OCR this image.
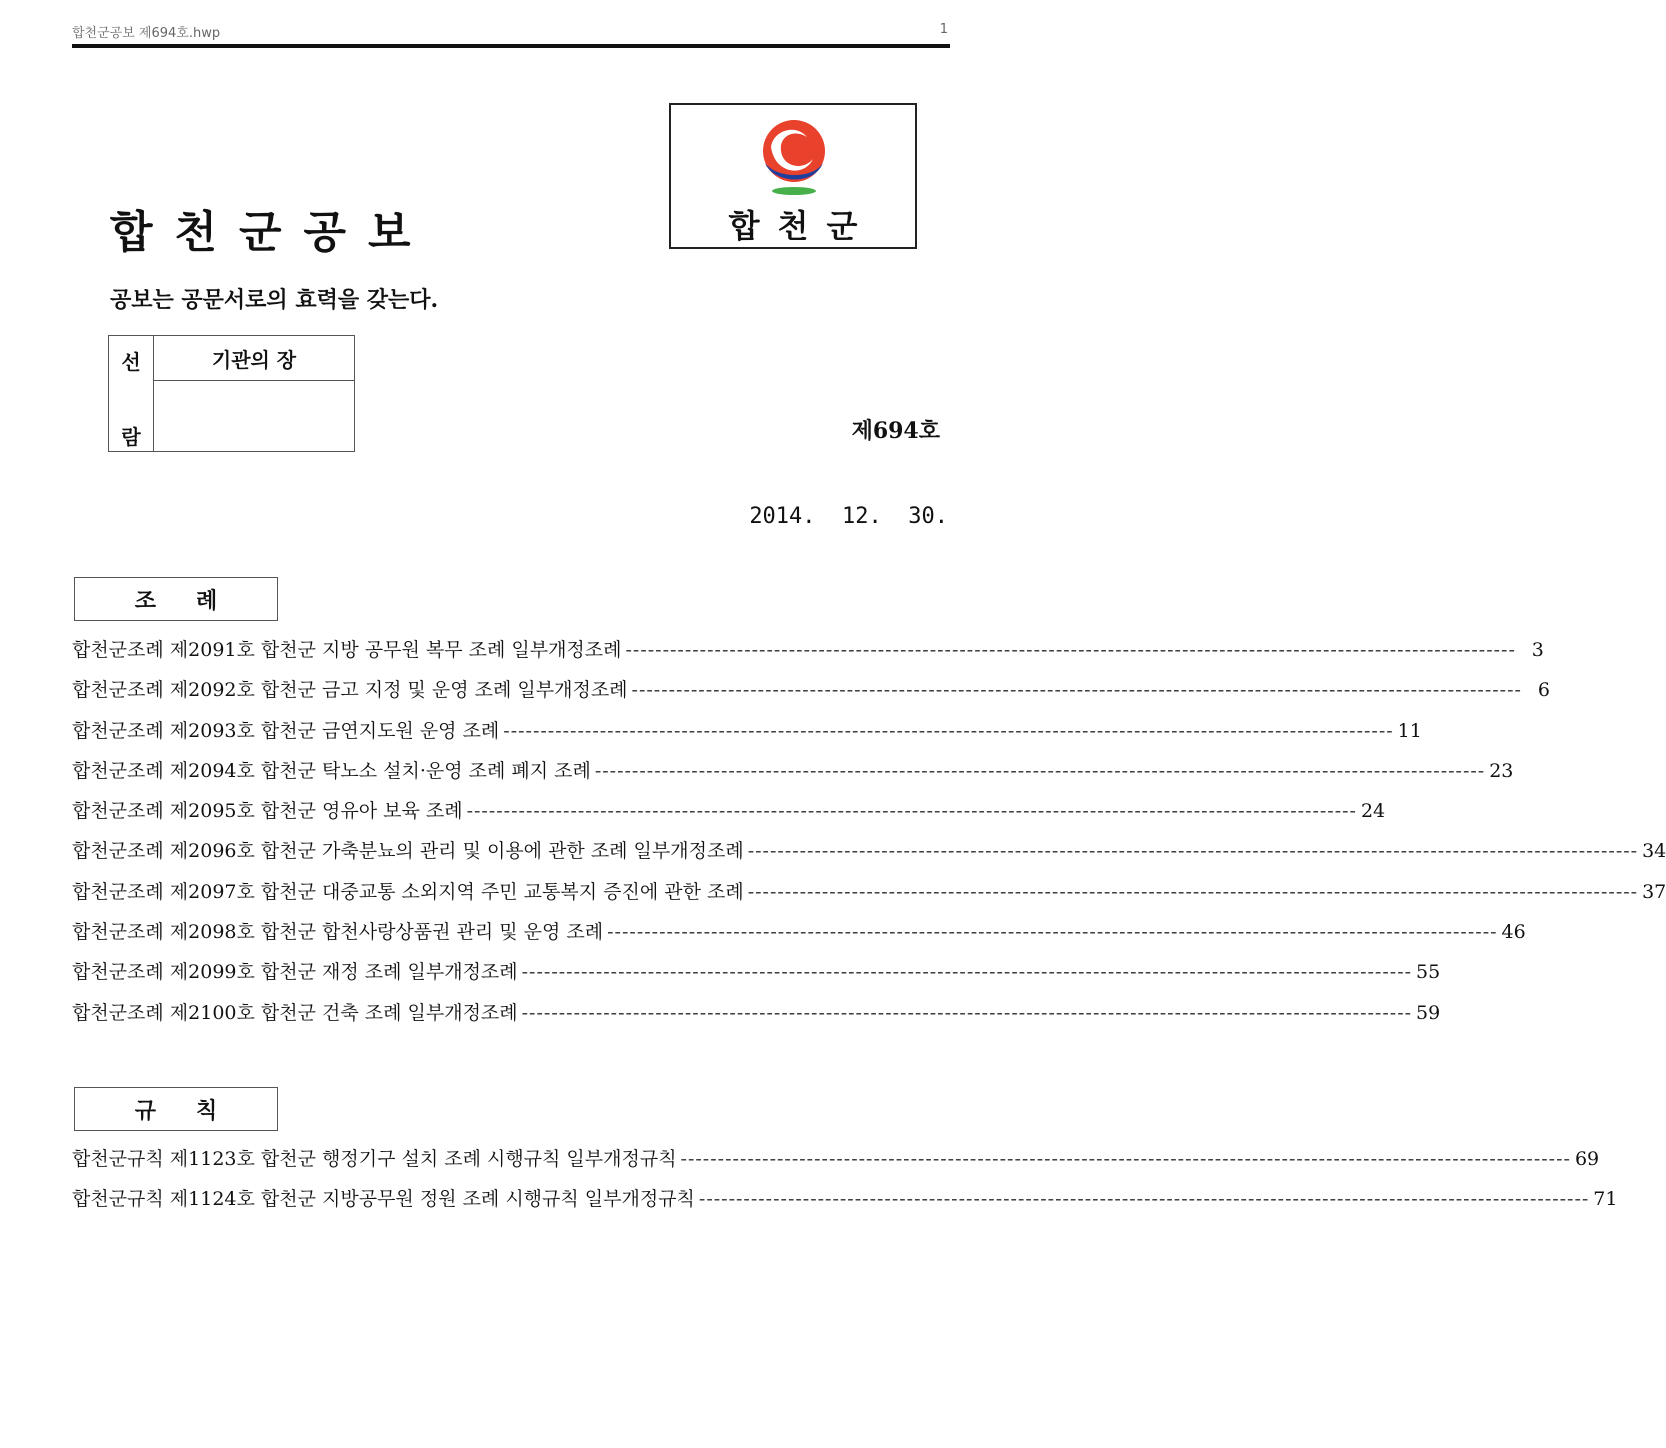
합천군공보 제694호.hwp	1
합천군공보
공보는 공문서로의 효력을 갖는다.
합천군
선
람
	기관의 장

제694호
2014.  12.  30.
조례
합천군조례 제2091호 합천군 지방 공무원 복무 조례 일부개정조례 ------------------------------------------------------------------------------------------------------------------------ 3
합천군조례 제2092호 합천군 금고 지정 및 운영 조례 일부개정조례 ------------------------------------------------------------------------------------------------------------------------ 6
합천군조례 제2093호 합천군 금연지도원 운영 조례 ------------------------------------------------------------------------------------------------------------------------ 11
합천군조례 제2094호 합천군 탁노소 설치·운영 조례 폐지 조례 ------------------------------------------------------------------------------------------------------------------------ 23
합천군조례 제2095호 합천군 영유아 보육 조례 ------------------------------------------------------------------------------------------------------------------------ 24
합천군조례 제2096호 합천군 가축분뇨의 관리 및 이용에 관한 조례 일부개정조례 ------------------------------------------------------------------------------------------------------------------------ 34
합천군조례 제2097호 합천군 대중교통 소외지역 주민 교통복지 증진에 관한 조례 ------------------------------------------------------------------------------------------------------------------------ 37
합천군조례 제2098호 합천군 합천사랑상품권 관리 및 운영 조례 ------------------------------------------------------------------------------------------------------------------------ 46
합천군조례 제2099호 합천군 재정 조례 일부개정조례 ------------------------------------------------------------------------------------------------------------------------ 55
합천군조례 제2100호 합천군 건축 조례 일부개정조례 ------------------------------------------------------------------------------------------------------------------------ 59
규칙
합천군규칙 제1123호 합천군 행정기구 설치 조례 시행규칙 일부개정규칙 ------------------------------------------------------------------------------------------------------------------------ 69
합천군규칙 제1124호 합천군 지방공무원 정원 조례 시행규칙 일부개정규칙 ------------------------------------------------------------------------------------------------------------------------ 71
